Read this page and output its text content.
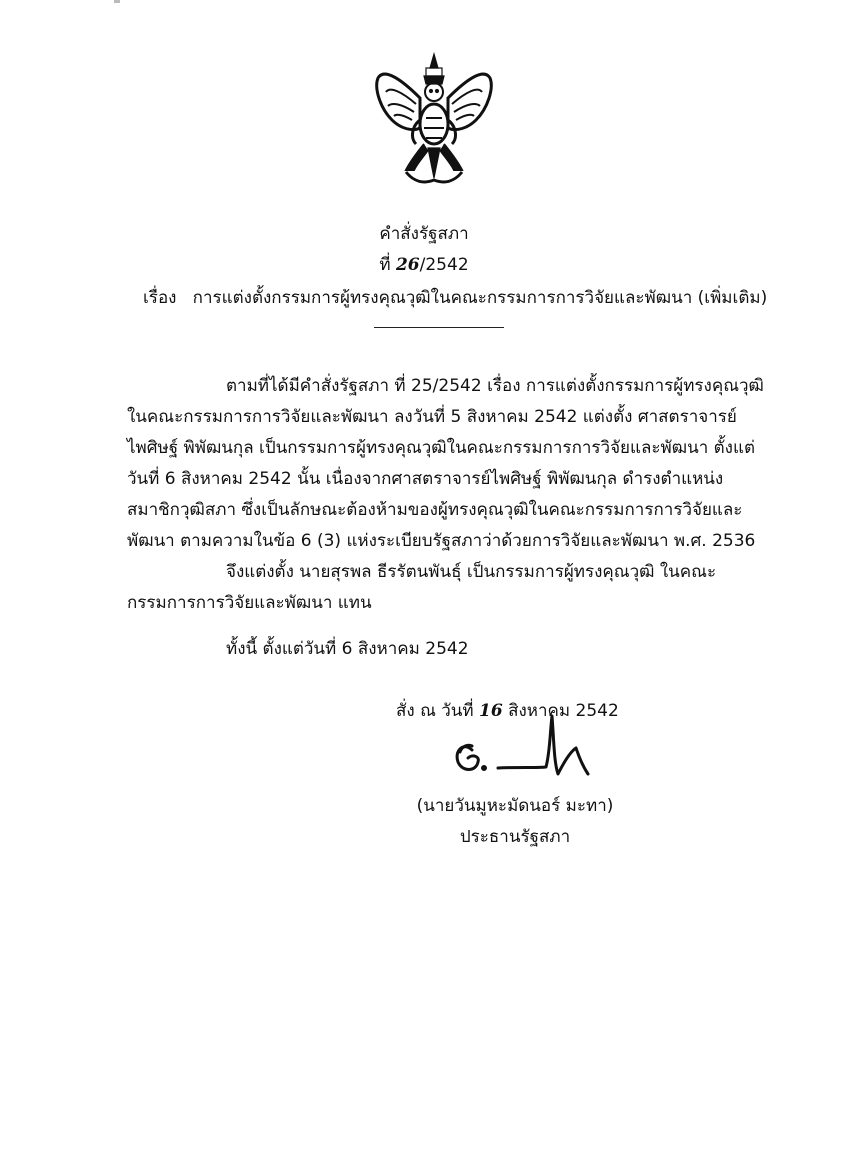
คำสั่งรัฐสภา
ที่ 26/2542
เรื่อง การแต่งตั้งกรรมการผู้ทรงคุณวุฒิในคณะกรรมการการวิจัยและพัฒนา (เพิ่มเติม)
ตามที่ได้มีคำสั่งรัฐสภา ที่ 25/2542 เรื่อง การแต่งตั้งกรรมการผู้ทรงคุณวุฒิ
ในคณะกรรมการการวิจัยและพัฒนา ลงวันที่ 5 สิงหาคม 2542 แต่งตั้ง ศาสตราจารย์
ไพศิษฐ์ พิพัฒนกุล เป็นกรรมการผู้ทรงคุณวุฒิในคณะกรรมการการวิจัยและพัฒนา ตั้งแต่
วันที่ 6 สิงหาคม 2542 นั้น เนื่องจากศาสตราจารย์ไพศิษฐ์ พิพัฒนกุล ดำรงตำแหน่ง
สมาชิกวุฒิสภา ซึ่งเป็นลักษณะต้องห้ามของผู้ทรงคุณวุฒิในคณะกรรมการการวิจัยและ
พัฒนา ตามความในข้อ 6 (3) แห่งระเบียบรัฐสภาว่าด้วยการวิจัยและพัฒนา พ.ศ. 2536
จึงแต่งตั้ง นายสุรพล ธีรรัตนพันธุ์ เป็นกรรมการผู้ทรงคุณวุฒิ ในคณะ
กรรมการการวิจัยและพัฒนา แทน
ทั้งนี้ ตั้งแต่วันที่ 6 สิงหาคม 2542
สั่ง ณ วันที่ 16 สิงหาคม 2542
(นายวันมูหะมัดนอร์ มะทา)
ประธานรัฐสภา
